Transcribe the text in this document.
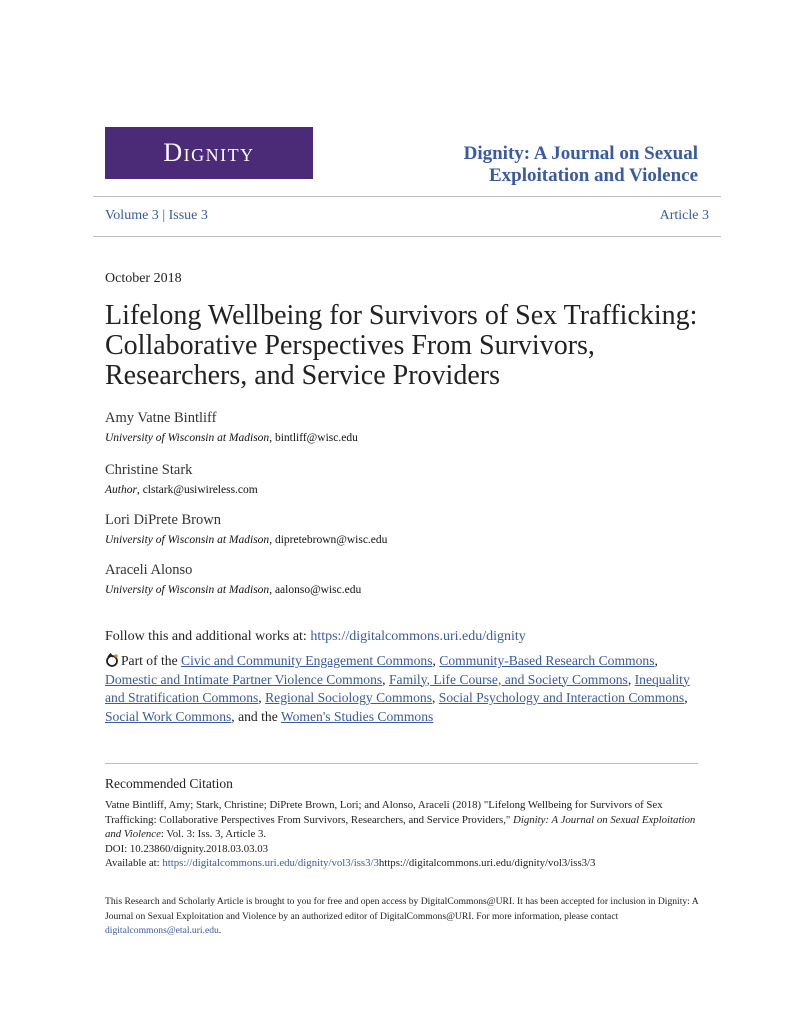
Dignity	Dignity: A Journal on Sexual Exploitation and Violence
Volume 3 | Issue 3	Article 3
October 2018
Lifelong Wellbeing for Survivors of Sex Trafficking: Collaborative Perspectives From Survivors, Researchers, and Service Providers
Amy Vatne Bintliff
University of Wisconsin at Madison, bintliff@wisc.edu
Christine Stark
Author, clstark@usiwireless.com
Lori DiPrete Brown
University of Wisconsin at Madison, dipretebrown@wisc.edu
Araceli Alonso
University of Wisconsin at Madison, aalonso@wisc.edu
Follow this and additional works at: https://digitalcommons.uri.edu/dignity
Part of the Civic and Community Engagement Commons, Community-Based Research Commons, Domestic and Intimate Partner Violence Commons, Family, Life Course, and Society Commons, Inequality and Stratification Commons, Regional Sociology Commons, Social Psychology and Interaction Commons, Social Work Commons, and the Women's Studies Commons
Recommended Citation
Vatne Bintliff, Amy; Stark, Christine; DiPrete Brown, Lori; and Alonso, Araceli (2018) "Lifelong Wellbeing for Survivors of Sex Trafficking: Collaborative Perspectives From Survivors, Researchers, and Service Providers," Dignity: A Journal on Sexual Exploitation and Violence: Vol. 3: Iss. 3, Article 3.
DOI: 10.23860/dignity.2018.03.03.03
Available at: https://digitalcommons.uri.edu/dignity/vol3/iss3/3https://digitalcommons.uri.edu/dignity/vol3/iss3/3
This Research and Scholarly Article is brought to you for free and open access by DigitalCommons@URI. It has been accepted for inclusion in Dignity: A Journal on Sexual Exploitation and Violence by an authorized editor of DigitalCommons@URI. For more information, please contact digitalcommons@etal.uri.edu.
